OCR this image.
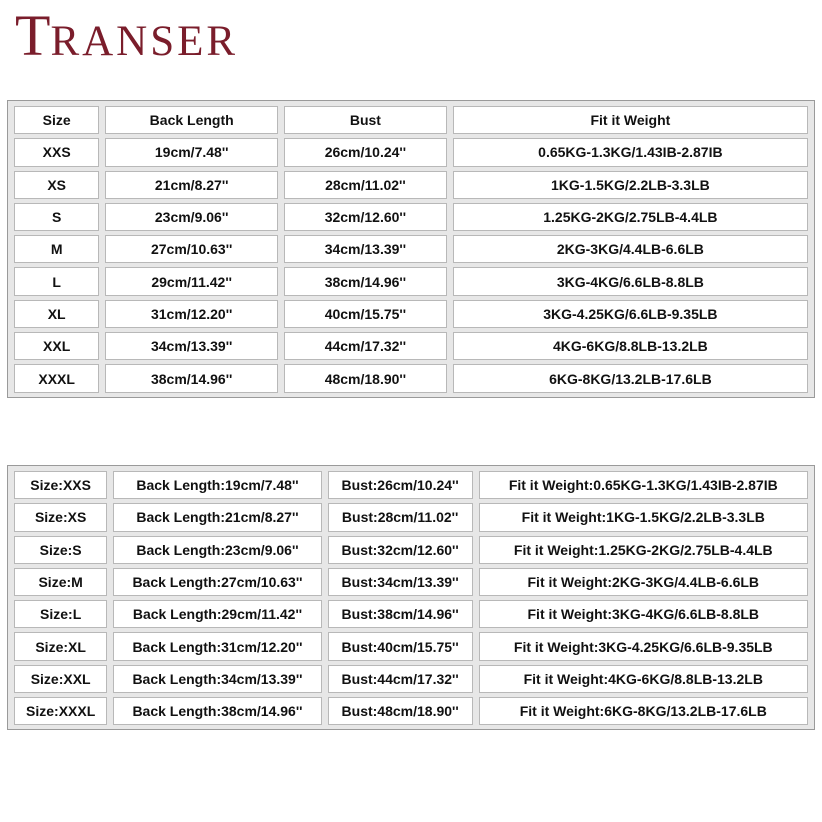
TRANSER
Size	Back Length	Bust	Fit it Weight
XXS	19cm/7.48''	26cm/10.24''	0.65KG-1.3KG/1.43IB-2.87IB
XS	21cm/8.27''	28cm/11.02''	1KG-1.5KG/2.2LB-3.3LB
S	23cm/9.06''	32cm/12.60''	1.25KG-2KG/2.75LB-4.4LB
M	27cm/10.63''	34cm/13.39''	2KG-3KG/4.4LB-6.6LB
L	29cm/11.42''	38cm/14.96''	3KG-4KG/6.6LB-8.8LB
XL	31cm/12.20''	40cm/15.75''	3KG-4.25KG/6.6LB-9.35LB
XXL	34cm/13.39''	44cm/17.32''	4KG-6KG/8.8LB-13.2LB
XXXL	38cm/14.96''	48cm/18.90''	6KG-8KG/13.2LB-17.6LB
Size:XXS	Back Length:19cm/7.48''	Bust:26cm/10.24''	Fit it Weight:0.65KG-1.3KG/1.43IB-2.87IB
Size:XS	Back Length:21cm/8.27''	Bust:28cm/11.02''	Fit it Weight:1KG-1.5KG/2.2LB-3.3LB
Size:S	Back Length:23cm/9.06''	Bust:32cm/12.60''	Fit it Weight:1.25KG-2KG/2.75LB-4.4LB
Size:M	Back Length:27cm/10.63''	Bust:34cm/13.39''	Fit it Weight:2KG-3KG/4.4LB-6.6LB
Size:L	Back Length:29cm/11.42''	Bust:38cm/14.96''	Fit it Weight:3KG-4KG/6.6LB-8.8LB
Size:XL	Back Length:31cm/12.20''	Bust:40cm/15.75''	Fit it Weight:3KG-4.25KG/6.6LB-9.35LB
Size:XXL	Back Length:34cm/13.39''	Bust:44cm/17.32''	Fit it Weight:4KG-6KG/8.8LB-13.2LB
Size:XXXL	Back Length:38cm/14.96''	Bust:48cm/18.90''	Fit it Weight:6KG-8KG/13.2LB-17.6LB
